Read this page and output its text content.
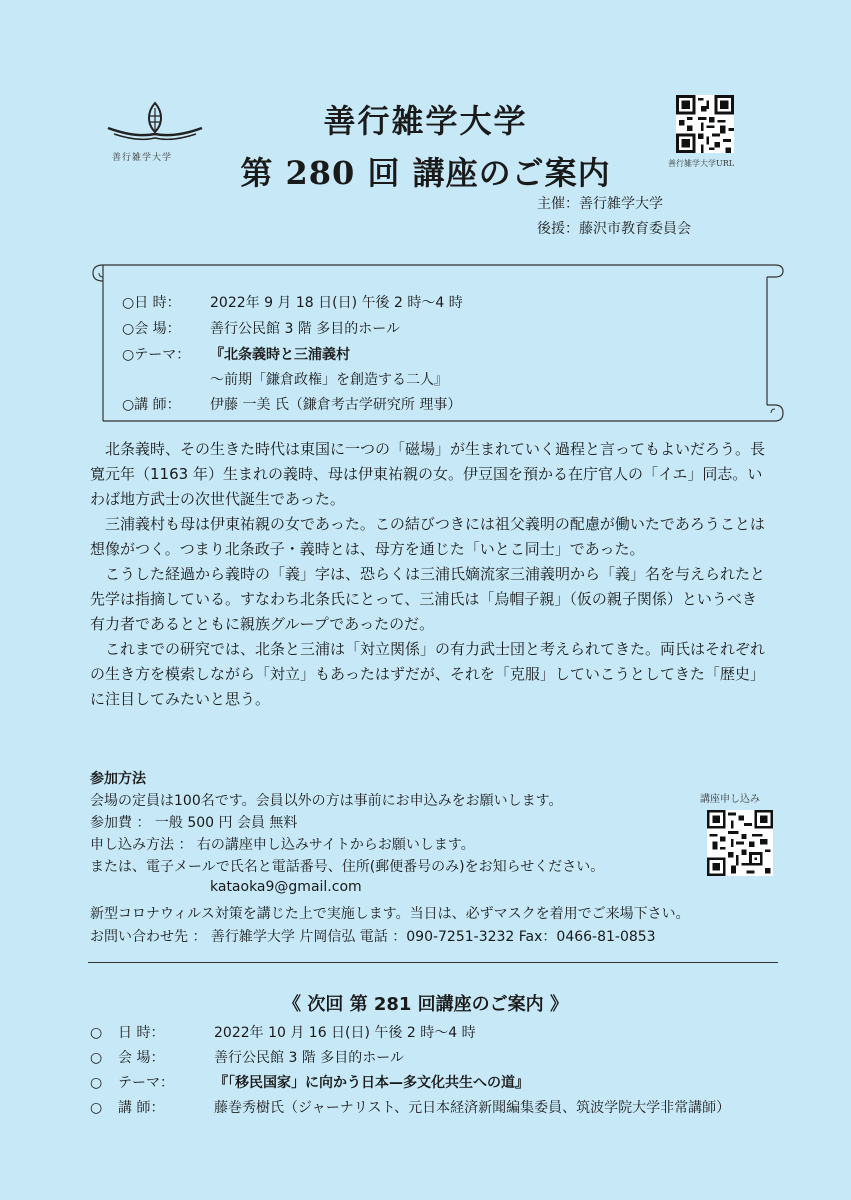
善行雑学大学
善行雑学大学
第 280 回 講座のご案内	善行雑学大学URL
主催：善行雑学大学
後援：藤沢市教育委員会
○日 時： 2022年 9 月 18 日(日) 午後 2 時〜4 時
○会 場： 善行公民館 3 階 多目的ホール
○テーマ： 『北条義時と三浦義村
〜前期「鎌倉政権」を創造する二人』
○講 師： 伊藤 一美 氏（鎌倉考古学研究所 理事）

北条義時、その生きた時代は東国に一つの「磁場」が生まれていく過程と言ってもよいだろう。長寛元年（1163 年）生まれの義時、母は伊東祐親の女。伊豆国を預かる在庁官人の「イエ」同志。いわば地方武士の次世代誕生であった。

三浦義村も母は伊東祐親の女であった。この結びつきには祖父義明の配慮が働いたであろうことは想像がつく。つまり北条政子・義時とは、母方を通じた「いとこ同士」であった。

こうした経過から義時の「義」字は、恐らくは三浦氏嫡流家三浦義明から「義」名を与えられたと先学は指摘している。すなわち北条氏にとって、三浦氏は「烏帽子親」（仮の親子関係）というべき有力者であるとともに親族グループであったのだ。

これまでの研究では、北条と三浦は「対立関係」の有力武士団と考えられてきた。両氏はそれぞれの生き方を模索しながら「対立」もあったはずだが、それを「克服」していこうとしてきた「歴史」に注目してみたいと思う。

参加方法
会場の定員は100名です。会員以外の方は事前にお申込みをお願いします。
参加費 ： 一般 500 円 会員 無料
申し込み方法 ： 右の講座申し込みサイトからお願いします。
または、電子メールで氏名と電話番号、住所(郵便番号のみ)をお知らせください。
kataoka9@gmail.com
新型コロナウィルス対策を講じた上で実施します。当日は、必ずマスクを着用でご来場下さい。
お問い合わせ先 ： 善行雑学大学 片岡信弘 電話 ：090-7251-3232 Fax：0466-81-0853
講座申し込み
《 次回 第 281 回講座のご案内 》
○ 日 時：	2022年 10 月 16 日(日) 午後 2 時〜4 時
○ 会 場：	善行公民館 3 階 多目的ホール
○ テーマ：	『「移民国家」に向かう日本—多文化共生への道』
○ 講 師：	藤巻秀樹氏（ジャーナリスト、元日本経済新聞編集委員、筑波学院大学非常講師）
